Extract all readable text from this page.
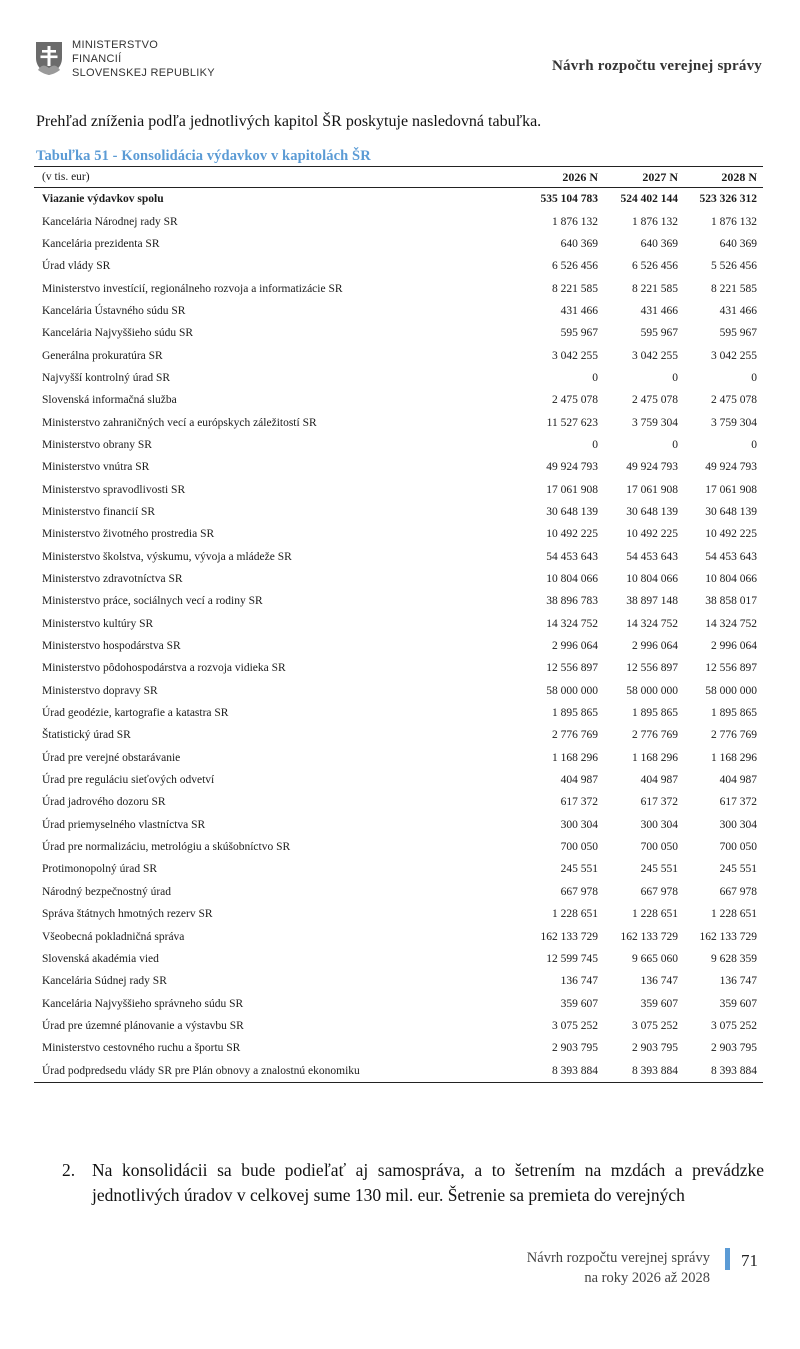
MINISTERSTVO
FINANCIÍ
SLOVENSKEJ REPUBLIKY	Návrh rozpočtu verejnej správy
Prehľad zníženia podľa jednotlivých kapitol ŠR poskytuje nasledovná tabuľka.
Tabuľka 51 - Konsolidácia výdavkov v kapitolách ŠR
(v tis. eur)	2026 N	2027 N	2028 N
Viazanie výdavkov spolu	535 104 783	524 402 144	523 326 312
Kancelária Národnej rady SR	1 876 132	1 876 132	1 876 132
Kancelária prezidenta SR	640 369	640 369	640 369
Úrad vlády SR	6 526 456	6 526 456	5 526 456
Ministerstvo investícií, regionálneho rozvoja a informatizácie SR	8 221 585	8 221 585	8 221 585
Kancelária Ústavného súdu SR	431 466	431 466	431 466
Kancelária Najvyššieho súdu SR	595 967	595 967	595 967
Generálna prokuratúra SR	3 042 255	3 042 255	3 042 255
Najvyšší kontrolný úrad SR	0	0	0
Slovenská informačná služba	2 475 078	2 475 078	2 475 078
Ministerstvo zahraničných vecí a európskych záležitostí SR	11 527 623	3 759 304	3 759 304
Ministerstvo obrany SR	0	0	0
Ministerstvo vnútra SR	49 924 793	49 924 793	49 924 793
Ministerstvo spravodlivosti SR	17 061 908	17 061 908	17 061 908
Ministerstvo financií SR	30 648 139	30 648 139	30 648 139
Ministerstvo životného prostredia SR	10 492 225	10 492 225	10 492 225
Ministerstvo školstva, výskumu, vývoja a mládeže SR	54 453 643	54 453 643	54 453 643
Ministerstvo zdravotníctva SR	10 804 066	10 804 066	10 804 066
Ministerstvo práce, sociálnych vecí a rodiny SR	38 896 783	38 897 148	38 858 017
Ministerstvo kultúry SR	14 324 752	14 324 752	14 324 752
Ministerstvo hospodárstva SR	2 996 064	2 996 064	2 996 064
Ministerstvo pôdohospodárstva a rozvoja vidieka SR	12 556 897	12 556 897	12 556 897
Ministerstvo dopravy SR	58 000 000	58 000 000	58 000 000
Úrad geodézie, kartografie a katastra SR	1 895 865	1 895 865	1 895 865
Štatistický úrad SR	2 776 769	2 776 769	2 776 769
Úrad pre verejné obstarávanie	1 168 296	1 168 296	1 168 296
Úrad pre reguláciu sieťových odvetví	404 987	404 987	404 987
Úrad jadrového dozoru SR	617 372	617 372	617 372
Úrad priemyselného vlastníctva SR	300 304	300 304	300 304
Úrad pre normalizáciu, metrológiu a skúšobníctvo SR	700 050	700 050	700 050
Protimonopolný úrad SR	245 551	245 551	245 551
Národný bezpečnostný úrad	667 978	667 978	667 978
Správa štátnych hmotných rezerv SR	1 228 651	1 228 651	1 228 651
Všeobecná pokladničná správa	162 133 729	162 133 729	162 133 729
Slovenská akadémia vied	12 599 745	9 665 060	9 628 359
Kancelária Súdnej rady SR	136 747	136 747	136 747
Kancelária Najvyššieho správneho súdu SR	359 607	359 607	359 607
Úrad pre územné plánovanie a výstavbu SR	3 075 252	3 075 252	3 075 252
Ministerstvo cestovného ruchu a športu SR	2 903 795	2 903 795	2 903 795
Úrad podpredsedu vlády SR pre Plán obnovy a znalostnú ekonomiku	8 393 884	8 393 884	8 393 884
2. Na konsolidácii sa bude podieľať aj samospráva, a to šetrením na mzdách a prevádzke jednotlivých úradov v celkovej sume 130 mil. eur. Šetrenie sa premieta do verejných
Návrh rozpočtu verejnej správy
na roky 2026 až 2028
71
